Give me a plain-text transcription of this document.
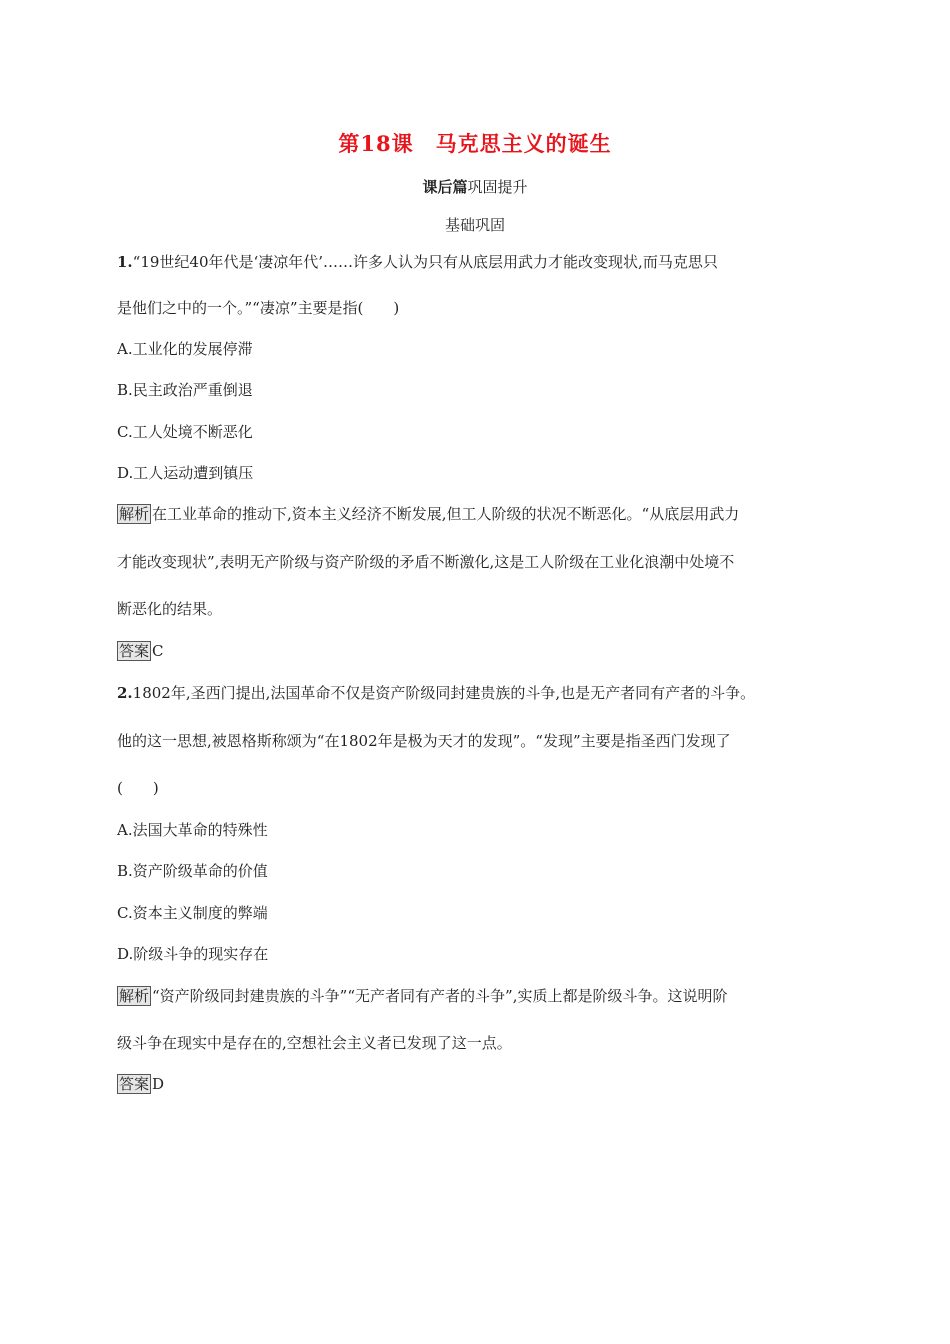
第18课 马克思主义的诞生
课后篇巩固提升
基础巩固
1.“19世纪40年代是‘凄凉年代’……许多人认为只有从底层用武力才能改变现状,而马克思只
是他们之中的一个。”“凄凉”主要是指(　　)
A.工业化的发展停滞
B.民主政治严重倒退
C.工人处境不断恶化
D.工人运动遭到镇压
解析 在工业革命的推动下,资本主义经济不断发展,但工人阶级的状况不断恶化。“从底层用武力
才能改变现状”,表明无产阶级与资产阶级的矛盾不断激化,这是工人阶级在工业化浪潮中处境不
断恶化的结果。
答案 C
2.1802年,圣西门提出,法国革命不仅是资产阶级同封建贵族的斗争,也是无产者同有产者的斗争。
他的这一思想,被恩格斯称颂为“在1802年是极为天才的发现”。“发现”主要是指圣西门发现了
(　　)
A.法国大革命的特殊性
B.资产阶级革命的价值
C.资本主义制度的弊端
D.阶级斗争的现实存在
解析 “资产阶级同封建贵族的斗争”“无产者同有产者的斗争”,实质上都是阶级斗争。这说明阶
级斗争在现实中是存在的,空想社会主义者已发现了这一点。
答案 D
